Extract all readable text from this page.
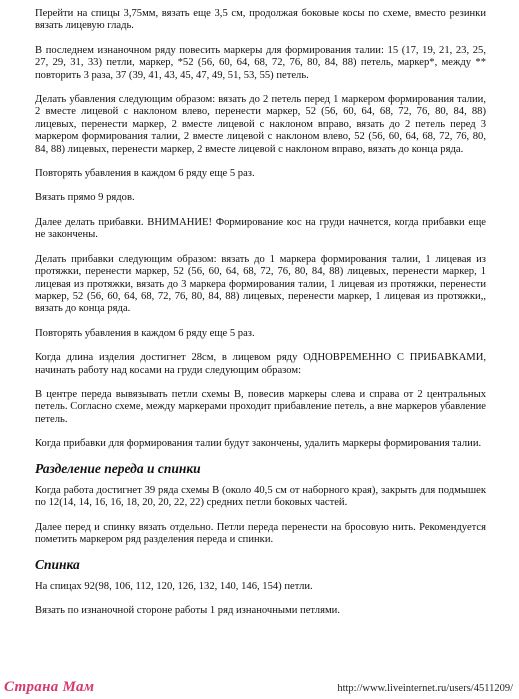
Перейти на спицы 3,75мм, вязать еще 3,5 см, продолжая боковые косы по схеме, вместо резинки вязать лицевую гладь.

В последнем изнаночном ряду повесить маркеры для формирования талии: 15 (17, 19, 21, 23, 25, 27, 29, 31, 33) петли, маркер, *52 (56, 60, 64, 68, 72, 76, 80, 84, 88) петель, маркер*, между ** повторить 3 раза, 37 (39, 41, 43, 45, 47, 49, 51, 53, 55) петель.

Делать убавления следующим образом: вязать до 2 петель перед 1 маркером формирования талии, 2 вместе лицевой с наклоном влево, перенести маркер, 52 (56, 60, 64, 68, 72, 76, 80, 84, 88) лицевых, перенести маркер, 2 вместе лицевой с наклоном вправо, вязать до 2 петель перед 3 маркером формирования талии, 2 вместе лицевой с наклоном влево, 52 (56, 60, 64, 68, 72, 76, 80, 84, 88) лицевых, перенести маркер, 2 вместе лицевой с наклоном вправо, вязать до конца ряда.

Повторять убавления в каждом 6 ряду еще 5 раз.

Вязать прямо 9 рядов.

Далее делать прибавки. ВНИМАНИЕ! Формирование кос на груди начнется, когда прибавки еще не закончены.

Делать прибавки следующим образом: вязать до 1 маркера формирования талии, 1 лицевая из протяжки, перенести маркер, 52 (56, 60, 64, 68, 72, 76, 80, 84, 88) лицевых, перенести маркер, 1 лицевая из протяжки, вязать до 3 маркера формирования талии, 1 лицевая из протяжки, перенести маркер, 52 (56, 60, 64, 68, 72, 76, 80, 84, 88) лицевых, перенести маркер, 1 лицевая из протяжки,, вязать до конца ряда.

Повторять убавления в каждом 6 ряду еще 5 раз.

Когда длина изделия достигнет 28см, в лицевом ряду ОДНОВРЕМЕННО С ПРИБАВКАМИ, начинать работу над косами на груди следующим образом:

В центре переда вывязывать петли схемы В, повесив маркеры слева и справа от 2 центральных петель. Согласно схеме, между маркерами проходит прибавление петель, а вне маркеров убавление петель.

Когда прибавки для формирования талии будут закончены, удалить маркеры формирования талии.

Разделение переда и спинки

Когда работа достигнет 39 ряда схемы В (около 40,5 см от наборного края), закрыть для подмышек по 12(14, 14, 16, 16, 18, 20, 20, 22, 22) средних петли боковых частей.

Далее перед и спинку вязать отдельно. Петли переда перенести на бросовую нить. Рекомендуется пометить маркером ряд разделения переда и спинки.

Спинка

На спицах 92(98, 106, 112, 120, 126, 132, 140, 146, 154) петли.

Вязать по изнаночной стороне работы 1 ряд изнаночными петлями.

Страна Мам	http://www.liveinternet.ru/users/4511209/
